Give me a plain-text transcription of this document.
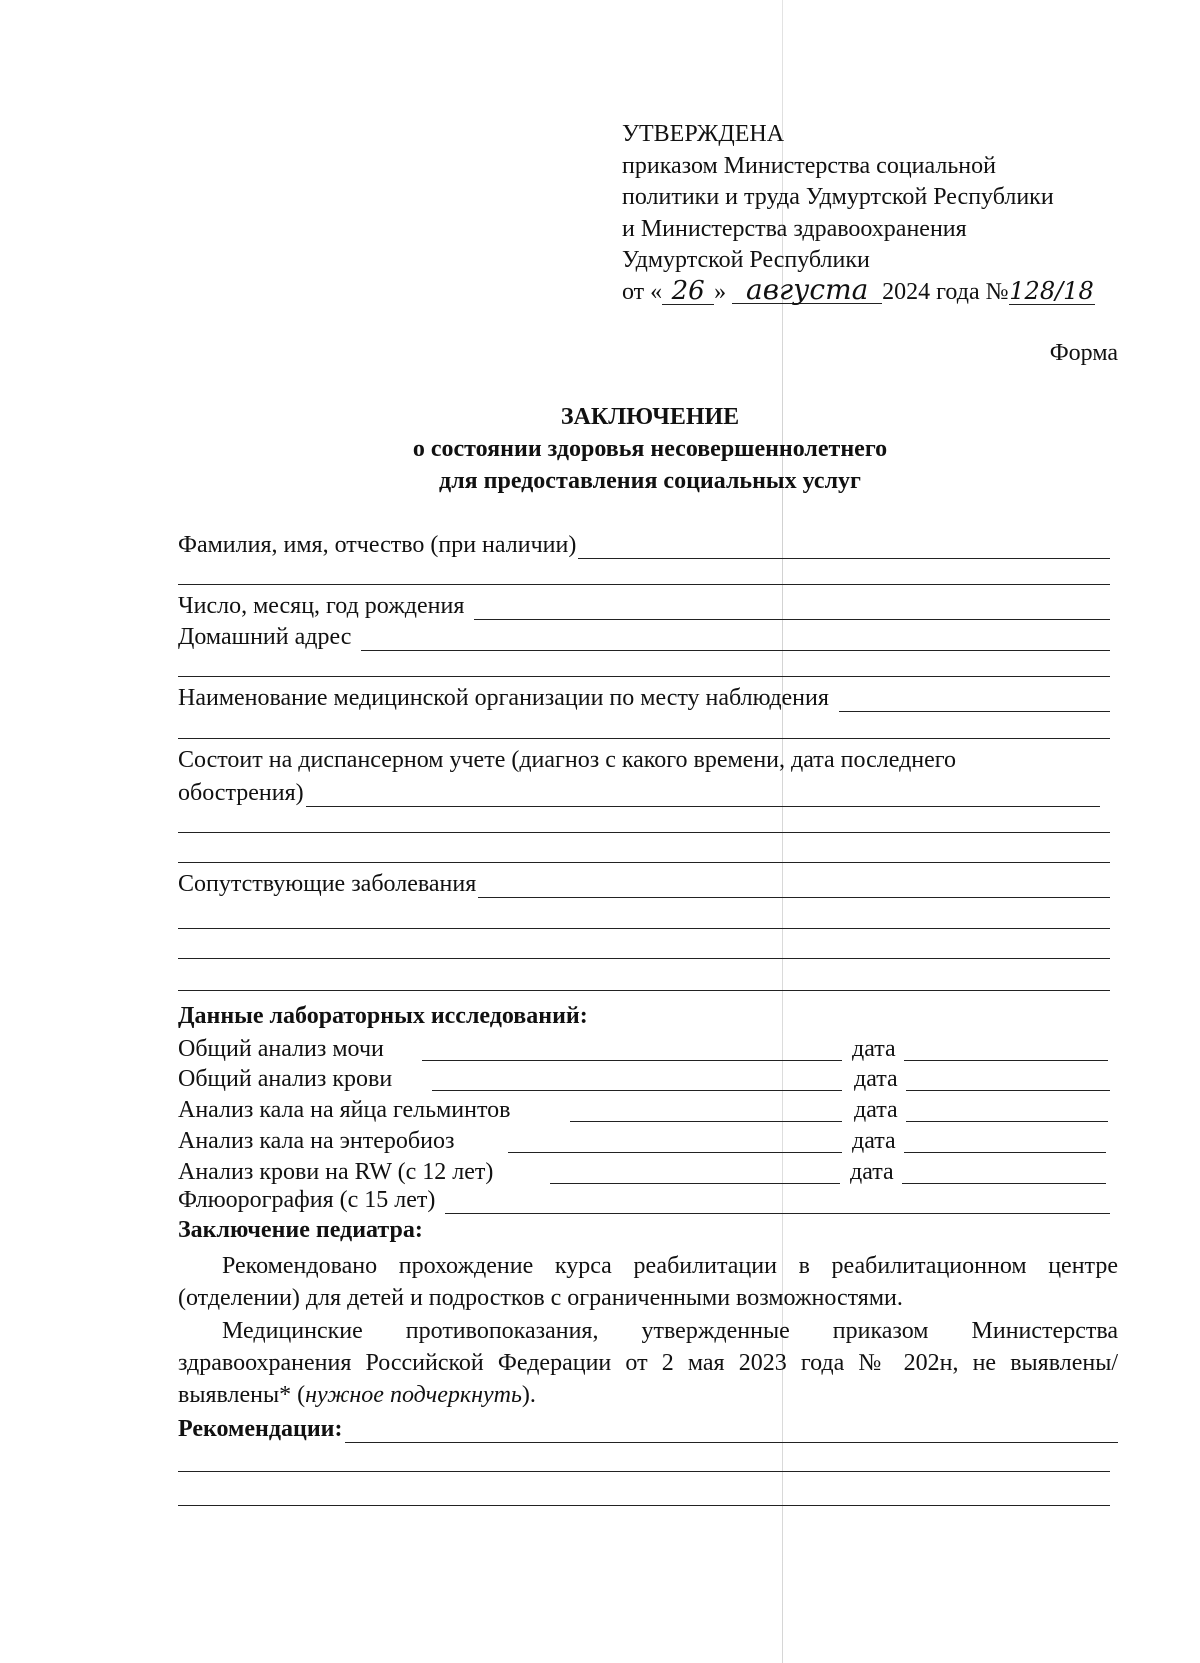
УТВЕРЖДЕНА
приказом Министерства социальной
политики и труда Удмуртской Республики
и Министерства здравоохранения
Удмуртской Республики
от « 26 » августа 2024 года №128/18
Форма
ЗАКЛЮЧЕНИЕ
о состоянии здоровья несовершеннолетнего
для предоставления социальных услуг
Фамилия, имя, отчество (при наличии)
Число, месяц, год рождения
Домашний адрес
Наименование медицинской организации по месту наблюдения
Состоит на диспансерном учете (диагноз с какого времени, дата последнего
обострения)
Сопутствующие заболевания
Данные лабораторных исследований:
Общий анализ мочи	дата
Общий анализ крови	дата
Анализ кала на яйца гельминтов	дата
Анализ кала на энтеробиоз	дата
Анализ крови на RW (с 12 лет)	дата
Флюорография (с 15 лет)
Заключение педиатра:
Рекомендовано прохождение курса реабилитации в реабилитационном центре (отделении) для детей и подростков с ограниченными возможностями.
Медицинские противопоказания, утвержденные приказом Министерства здравоохранения Российской Федерации от 2 мая 2023 года № 202н, не выявлены/выявлены* (нужное подчеркнуть).
Рекомендации:
